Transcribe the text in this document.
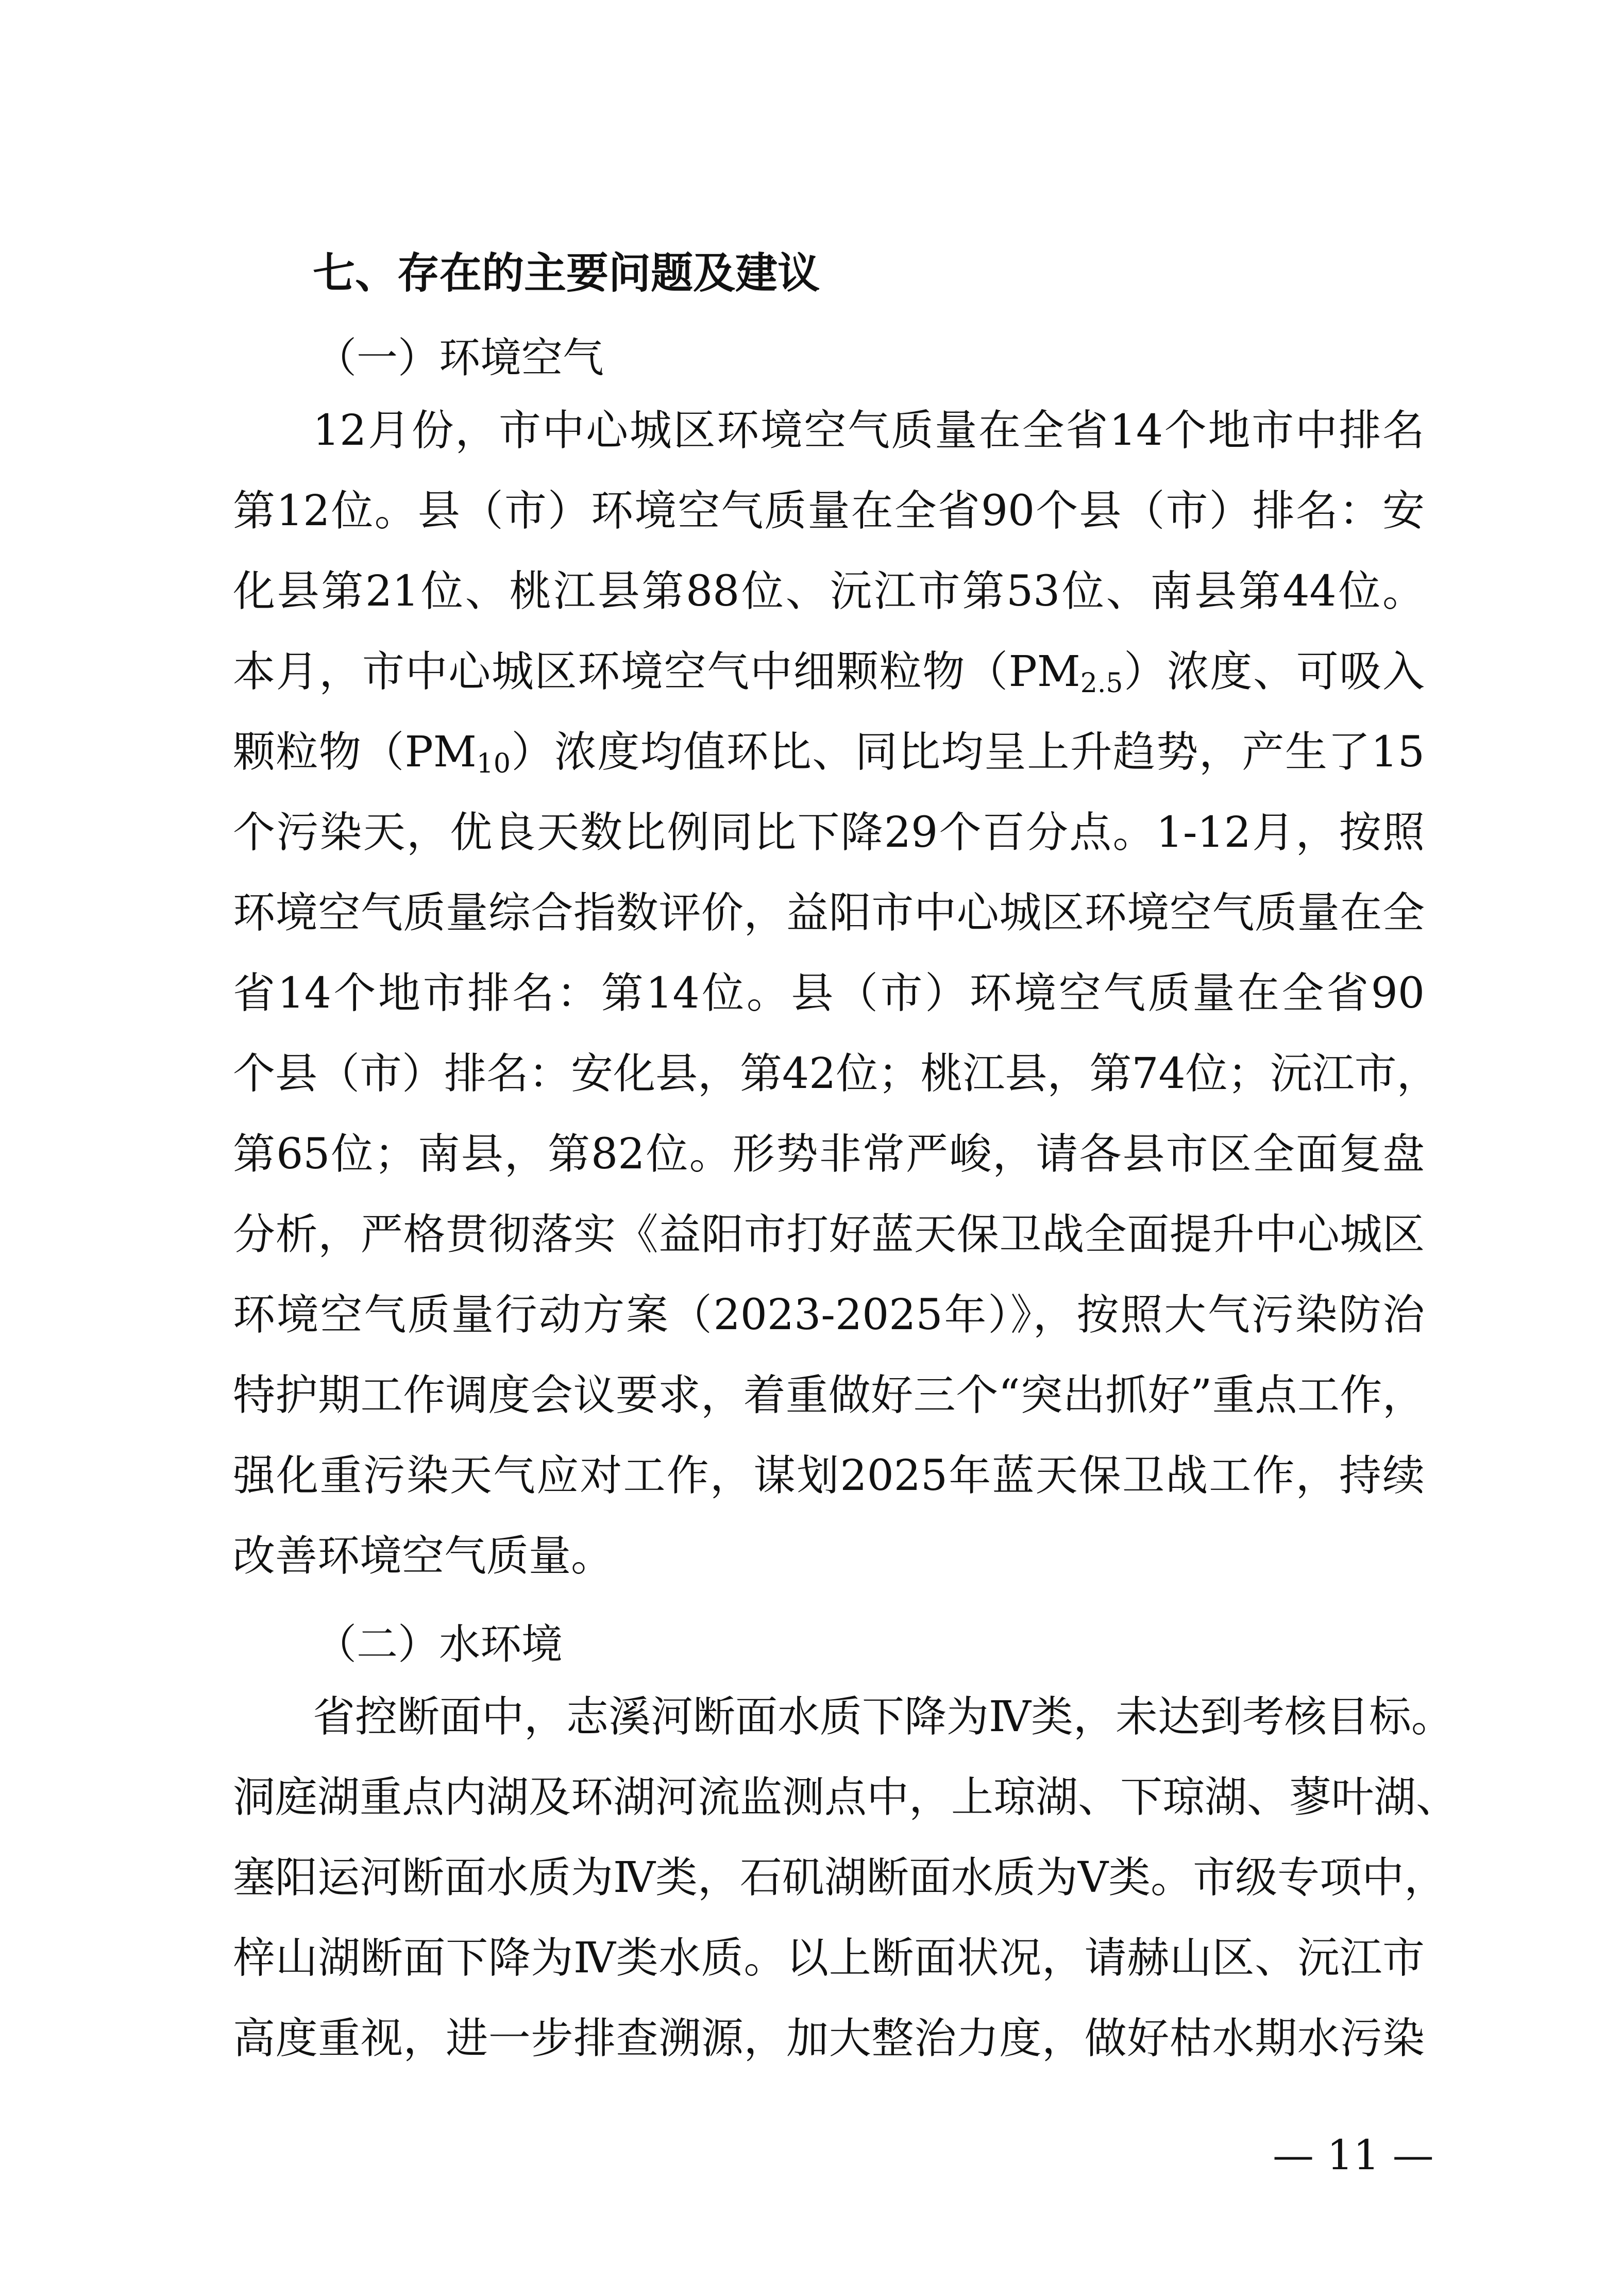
七、存在的主要问题及建议
（一）环境空气
12月份，市中心城区环境空气质量在全省14个地市中排名
第12位。县（市）环境空气质量在全省90个县（市）排名：安
化县第21位、桃江县第88位、沅江市第53位、南县第44位。
本月，市中心城区环境空气中细颗粒物$(PM_{2.5})$浓度、可吸入
颗粒物$(PM_{10})$浓度均值环比、同比均呈上升趋势，产生了15
个污染天，优良天数比例同比下降29个百分点。1-12月，按照
环境空气质量综合指数评价，益阳市中心城区环境空气质量在全
省14个地市排名：第14位。县（市）环境空气质量在全省90
个县（市）排名：安化县，第42位；桃江县，第74位；沅江市，
第65位；南县，第82位。形势非常严峻，请各县市区全面复盘
分析，严格贯彻落实《益阳市打好蓝天保卫战全面提升中心城区
环境空气质量行动方案（2023-2025年）》，按照大气污染防治
特护期工作调度会议要求，着重做好三个“突出抓好”重点工作，
强化重污染天气应对工作，谋划2025年蓝天保卫战工作，持续
改善环境空气质量。
（二）水环境
省控断面中，志溪河断面水质下降为Ⅳ类，未达到考核目标。
洞庭湖重点内湖及环湖河流监测点中，上琼湖、下琼湖、蓼叶湖、
塞阳运河断面水质为Ⅳ类，石矶湖断面水质为Ⅴ类。市级专项中，
梓山湖断面下降为Ⅳ类水质。以上断面状况，请赫山区、沅江市
高度重视，进一步排查溯源，加大整治力度，做好枯水期水污染
— 11 —
